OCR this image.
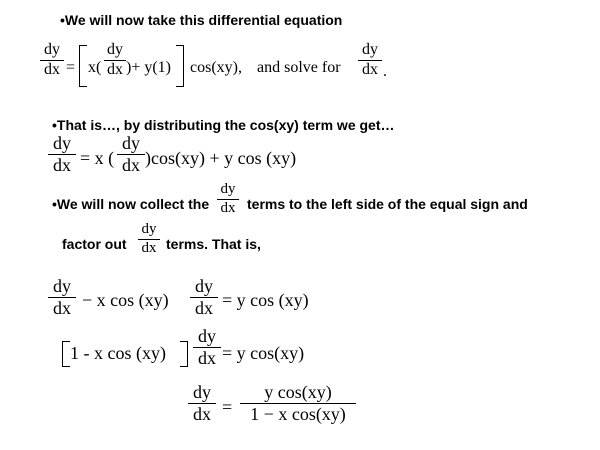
•We will now take this differential equation
dy
dx = x(
dy
dx )+ y(1) cos(xy), and solve for
dy
dx .
•That is…, by distributing the cos(xy) term we get…
dy
dx = x (
dy
dx )cos(xy) + y cos (xy)
•We will now collect the
dy
dx terms to the left side of the equal sign and
factor out
dy
dx terms. That is,
dy
dx − x cos (xy)
dy
dx = y cos (xy)
1 - x cos (xy)
dy
dx = y cos(xy)
dy
dx =
y cos(xy)
1 − x cos(xy)
